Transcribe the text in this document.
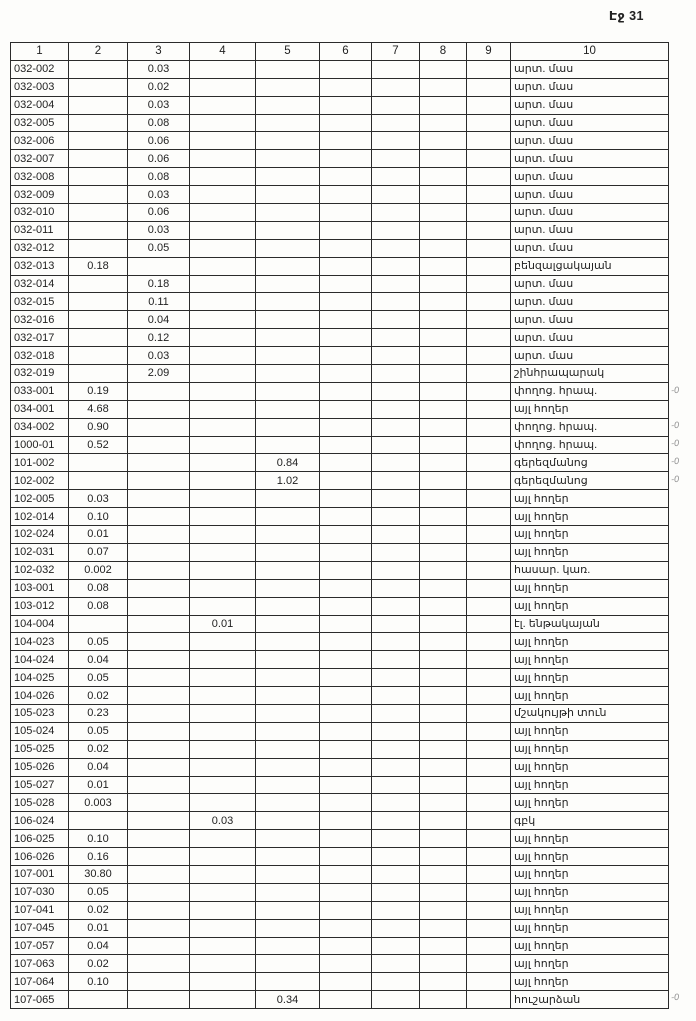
Էջ 31
1	2	3	4	5	6	7	8	9	10
032-002		0.03							արտ. մաս
032-003		0.02							արտ. մաս
032-004		0.03							արտ. մաս
032-005		0.08							արտ. մաս
032-006		0.06							արտ. մաս
032-007		0.06							արտ. մաս
032-008		0.08							արտ. մաս
032-009		0.03							արտ. մաս
032-010		0.06							արտ. մաս
032-011		0.03							արտ. մաս
032-012		0.05							արտ. մաս
032-013	0.18								բենզալցակայան
032-014		0.18							արտ. մաս
032-015		0.11							արտ. մաս
032-016		0.04							արտ. մաս
032-017		0.12							արտ. մաս
032-018		0.03							արտ. մաս
032-019		2.09							շինհրապարակ
033-001	0.19								փողոց. հրապ.
034-001	4.68								այլ հողեր
034-002	0.90								փողոց. հրապ.
1000-01	0.52								փողոց. հրապ.
101-002				0.84					գերեզմանոց
102-002				1.02					գերեզմանոց
102-005	0.03								այլ հողեր
102-014	0.10								այլ հողեր
102-024	0.01								այլ հողեր
102-031	0.07								այլ հողեր
102-032	0.002								հասար. կառ.
103-001	0.08								այլ հողեր
103-012	0.08								այլ հողեր
104-004			0.01						էլ. ենթակայան
104-023	0.05								այլ հողեր
104-024	0.04								այլ հողեր
104-025	0.05								այլ հողեր
104-026	0.02								այլ հողեր
105-023	0.23								մշակույթի տուն
105-024	0.05								այլ հողեր
105-025	0.02								այլ հողեր
105-026	0.04								այլ հողեր
105-027	0.01								այլ հողեր
105-028	0.003								այլ հողեր
106-024			0.03						գբկ
106-025	0.10								այլ հողեր
106-026	0.16								այլ հողեր
107-001	30.80								այլ հողեր
107-030	0.05								այլ հողեր
107-041	0.02								այլ հողեր
107-045	0.01								այլ հողեր
107-057	0.04								այլ հողեր
107-063	0.02								այլ հողեր
107-064	0.10								այլ հողեր
107-065				0.34					հուշարձան
-0
-0
-0
-0
-0
-0
